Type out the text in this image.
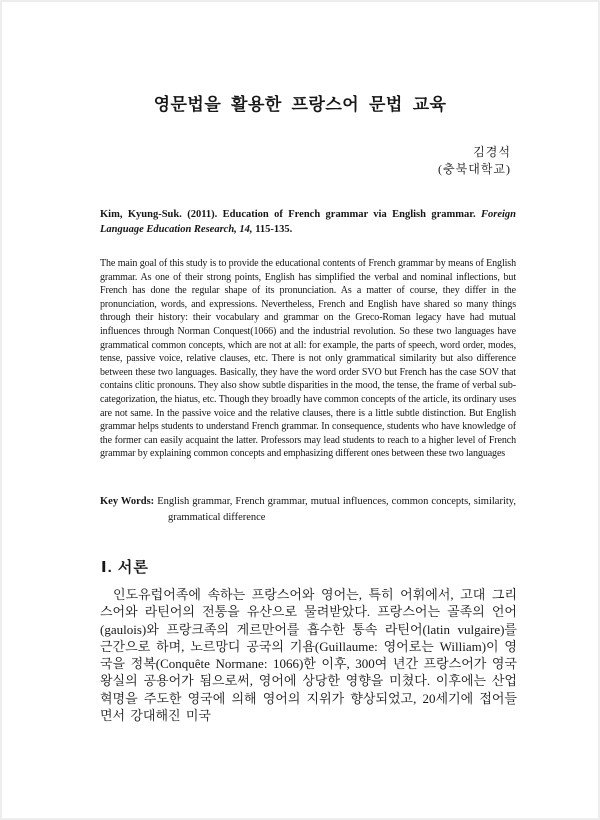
영문법을 활용한 프랑스어 문법 교육
김경석
(충북대학교)

Kim, Kyung-Suk. (2011). Education of French grammar via English grammar. Foreign Language Education Research, 14, 115-135.

The main goal of this study is to provide the educational contents of French grammar by means of English grammar. As one of their strong points, English has simplified the verbal and nominal inflections, but French has done the regular shape of its pronunciation. As a matter of course, they differ in the pronunciation, words, and expressions. Nevertheless, French and English have shared so many things through their history: their vocabulary and grammar on the Greco-Roman legacy have had mutual influences through Norman Conquest(1066) and the industrial revolution. So these two languages have grammatical common concepts, which are not at all: for example, the parts of speech, word order, modes, tense, passive voice, relative clauses, etc. There is not only grammatical similarity but also difference between these two languages. Basically, they have the word order SVO but French has the case SOV that contains clitic pronouns. They also show subtle disparities in the mood, the tense, the frame of verbal sub-categorization, the hiatus, etc. Though they broadly have common concepts of the article, its ordinary uses are not same. In the passive voice and the relative clauses, there is a little subtle distinction. But English grammar helps students to understand French grammar. In consequence, students who have knowledge of the former can easily acquaint the latter. Professors may lead students to reach to a higher level of French grammar by explaining common concepts and emphasizing different ones between these two languages

Key Words: English grammar, French grammar, mutual influences, common concepts, similarity, grammatical difference

Ⅰ. 서론

인도유럽어족에 속하는 프랑스어와 영어는, 특히 어휘에서, 고대 그리스어와 라틴어의 전통을 유산으로 물려받았다. 프랑스어는 골족의 언어(gaulois)와 프랑크족의 게르만어를 흡수한 통속 라틴어(latin vulgaire)를 근간으로 하며, 노르망디 공국의 기욤(Guillaume: 영어로는 William)이 영국을 정복(Conquête Normane: 1066)한 이후, 300여 년간 프랑스어가 영국왕실의 공용어가 됨으로써, 영어에 상당한 영향을 미쳤다. 이후에는 산업혁명을 주도한 영국에 의해 영어의 지위가 향상되었고, 20세기에 접어들면서 강대해진 미국
